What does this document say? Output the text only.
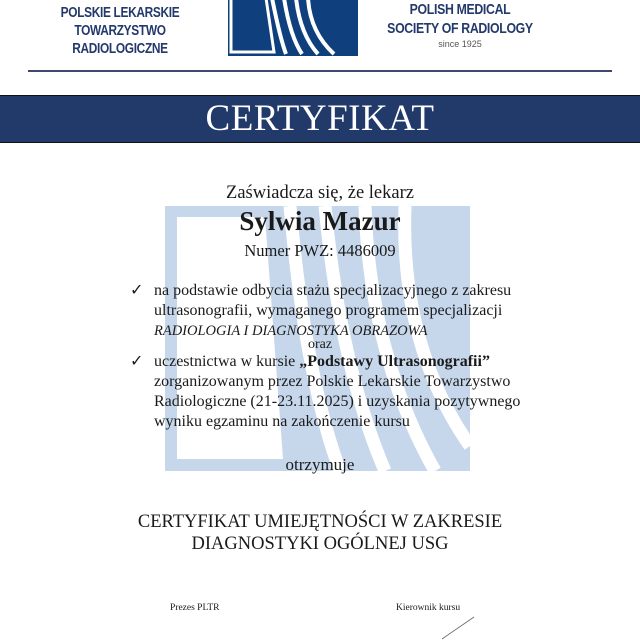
POLSKIE LEKARSKIE
TOWARZYSTWO RADIOLOGICZNE
POLISH MEDICAL
SOCIETY OF RADIOLOGY
since 1925
CERTYFIKAT
Zaświadcza się, że lekarz
Sylwia Mazur
Numer PWZ: 4486009
✓ na podstawie odbycia stażu specjalizacyjnego z zakresu
ultrasonografii, wymaganego programem specjalizacji
RADIOLOGIA I DIAGNOSTYKA OBRAZOWA
oraz
✓ uczestnictwa w kursie „Podstawy Ultrasonografii”
zorganizowanym przez Polskie Lekarskie Towarzystwo
Radiologiczne (21-23.11.2025) i uzyskania pozytywnego
wyniku egzaminu na zakończenie kursu
otrzymuje
CERTYFIKAT UMIEJĘTNOŚCI W ZAKRESIE
DIAGNOSTYKI OGÓLNEJ USG
Prezes PLTR	Kierownik kursu
